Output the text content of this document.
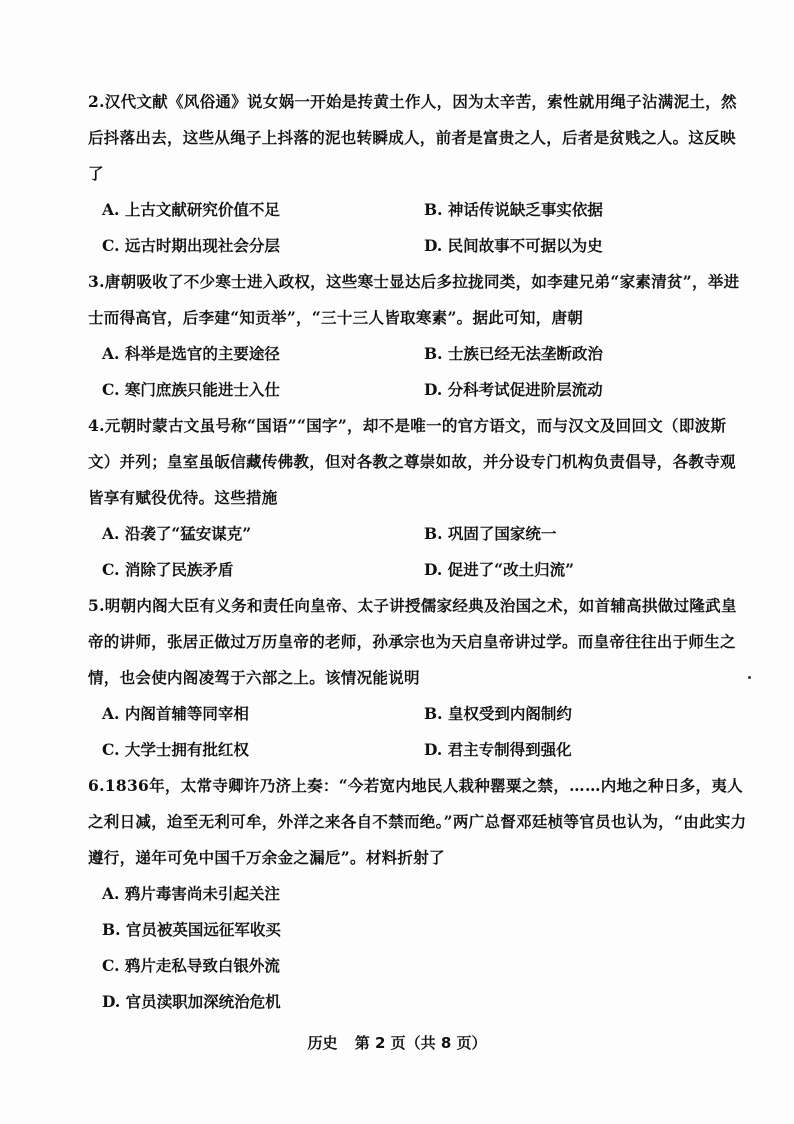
2.汉代文献《风俗通》说女娲一开始是抟黄土作人，因为太辛苦，索性就用绳子沾满泥土，然后抖落出去，这些从绳子上抖落的泥也转瞬成人，前者是富贵之人，后者是贫贱之人。这反映了

A. 上古文献研究价值不足	B. 神话传说缺乏事实依据
C. 远古时期出现社会分层	D. 民间故事不可据以为史

3.唐朝吸收了不少寒士进入政权，这些寒士显达后多拉拢同类，如李建兄弟“家素清贫”，举进士而得高官，后李建“知贡举”，“三十三人皆取寒素”。据此可知，唐朝

A. 科举是选官的主要途径	B. 士族已经无法垄断政治
C. 寒门庶族只能进士入仕	D. 分科考试促进阶层流动

4.元朝时蒙古文虽号称“国语”“国字”，却不是唯一的官方语文，而与汉文及回回文（即波斯文）并列；皇室虽皈信藏传佛教，但对各教之尊崇如故，并分设专门机构负责倡导，各教寺观皆享有赋役优待。这些措施

A. 沿袭了“猛安谋克”	B. 巩固了国家统一
C. 消除了民族矛盾	D. 促进了“改土归流”

5.明朝内阁大臣有义务和责任向皇帝、太子讲授儒家经典及治国之术，如首辅高拱做过隆武皇帝的讲师，张居正做过万历皇帝的老师，孙承宗也为天启皇帝讲过学。而皇帝往往出于师生之情，也会使内阁凌驾于六部之上。该情况能说明

A. 内阁首辅等同宰相	B. 皇权受到内阁制约
C. 大学士拥有批红权	D. 君主专制得到强化

6.1836年，太常寺卿许乃济上奏：“今若宽内地民人栽种罂粟之禁，……内地之种日多，夷人之利日减，迨至无利可牟，外洋之来各自不禁而绝。”两广总督邓廷桢等官员也认为，“由此实力遵行，递年可免中国千万余金之漏卮”。材料折射了

A. 鸦片毒害尚未引起关注
B. 官员被英国远征军收买
C. 鸦片走私导致白银外流
D. 官员渎职加深统治危机
历史 第 2 页（共 8 页）
